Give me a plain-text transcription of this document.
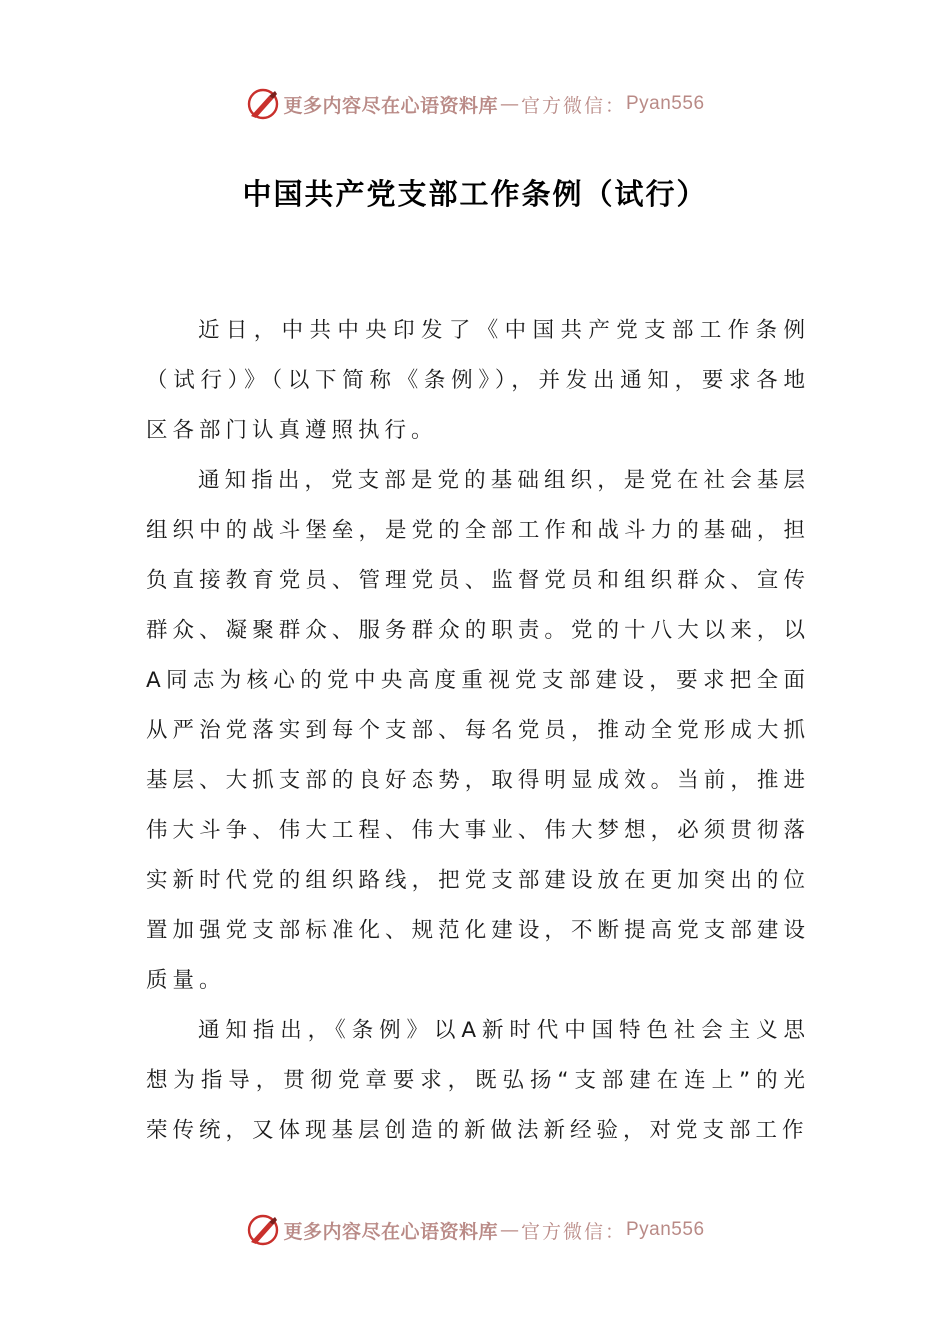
更多内容尽在心语资料库 — 官方微信： Pyan556
中国共产党支部工作条例（试行）

近日，中共中央印发了《中国共产党支部工作条例（试行）》（以下简称《条例》），并发出通知，要求各地区各部门认真遵照执行。

通知指出，党支部是党的基础组织，是党在社会基层组织中的战斗堡垒，是党的全部工作和战斗力的基础，担负直接教育党员、管理党员、监督党员和组织群众、宣传群众、凝聚群众、服务群众的职责。党的十八大以来，以A同志为核心的党中央高度重视党支部建设，要求把全面从严治党落实到每个支部、每名党员，推动全党形成大抓基层、大抓支部的良好态势，取得明显成效。当前，推进伟大斗争、伟大工程、伟大事业、伟大梦想，必须贯彻落实新时代党的组织路线，把党支部建设放在更加突出的位置加强党支部标准化、规范化建设，不断提高党支部建设质量。

通知指出，《条例》以A新时代中国特色社会主义思想为指导，贯彻党章要求，既弘扬“支部建在连上”的光荣传统，又体现基层创造的新做法新经验，对党支部工作

更多内容尽在心语资料库 — 官方微信： Pyan556
